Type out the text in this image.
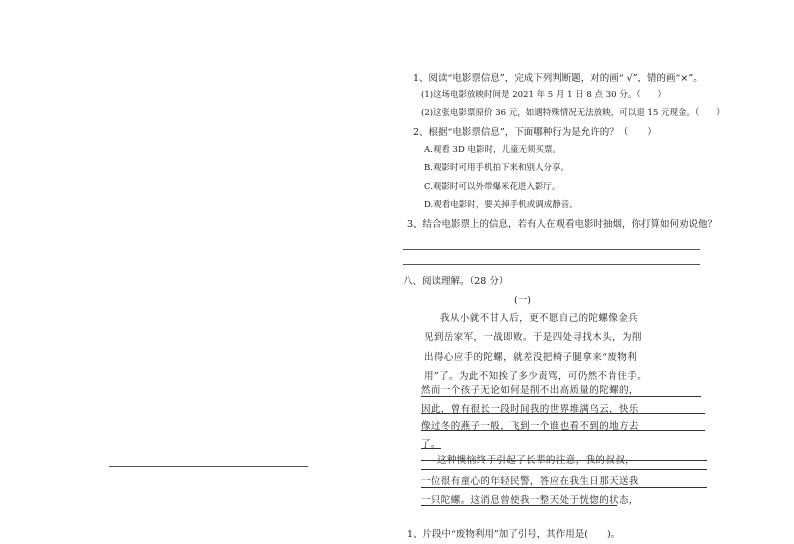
1、阅读“电影票信息”，完成下列判断题，对的画“ √”，错的画“×”。
(1)这场电影放映时间是 2021 年 5 月 1 日 8 点 30 分。（　　）
(2)这张电影票原价 36 元，如遇特殊情况无法放映，可以退 15 元现金。（　　）
2、根据“电影票信息”，下面哪种行为是允许的？（　　）
A.观看 3D 电影时，儿童无须买票。
B.观影时可用手机拍下来和别人分享。
C.观影时可以外带爆米花进入影厅。
D.观看电影时，要关掉手机或调成静音。
3、结合电影票上的信息，若有人在观看电影时抽烟，你打算如何劝说他？
八、阅读理解。（28 分）
(一)
我从小就不甘人后，更不愿自己的陀螺像金兵
见到岳家军，一战即败。于是四处寻找木头，为削
出得心应手的陀螺，就差没把椅子腿拿来“废物利
用”了。为此不知挨了多少责骂，可仍然不肯住手。
然而一个孩子无论如何是削不出高质量的陀螺的，
因此，曾有很长一段时间我的世界堆满乌云，快乐
像过冬的燕子一般，飞到一个谁也看不到的地方去
了。
这种懊恼终于引起了长辈的注意，我的叔叔，
一位很有童心的年轻民警，答应在我生日那天送我
一只陀螺。这消息曾使我一整天处于恍惚的状态，
1、片段中“废物利用”加了引号，其作用是(　　)。
